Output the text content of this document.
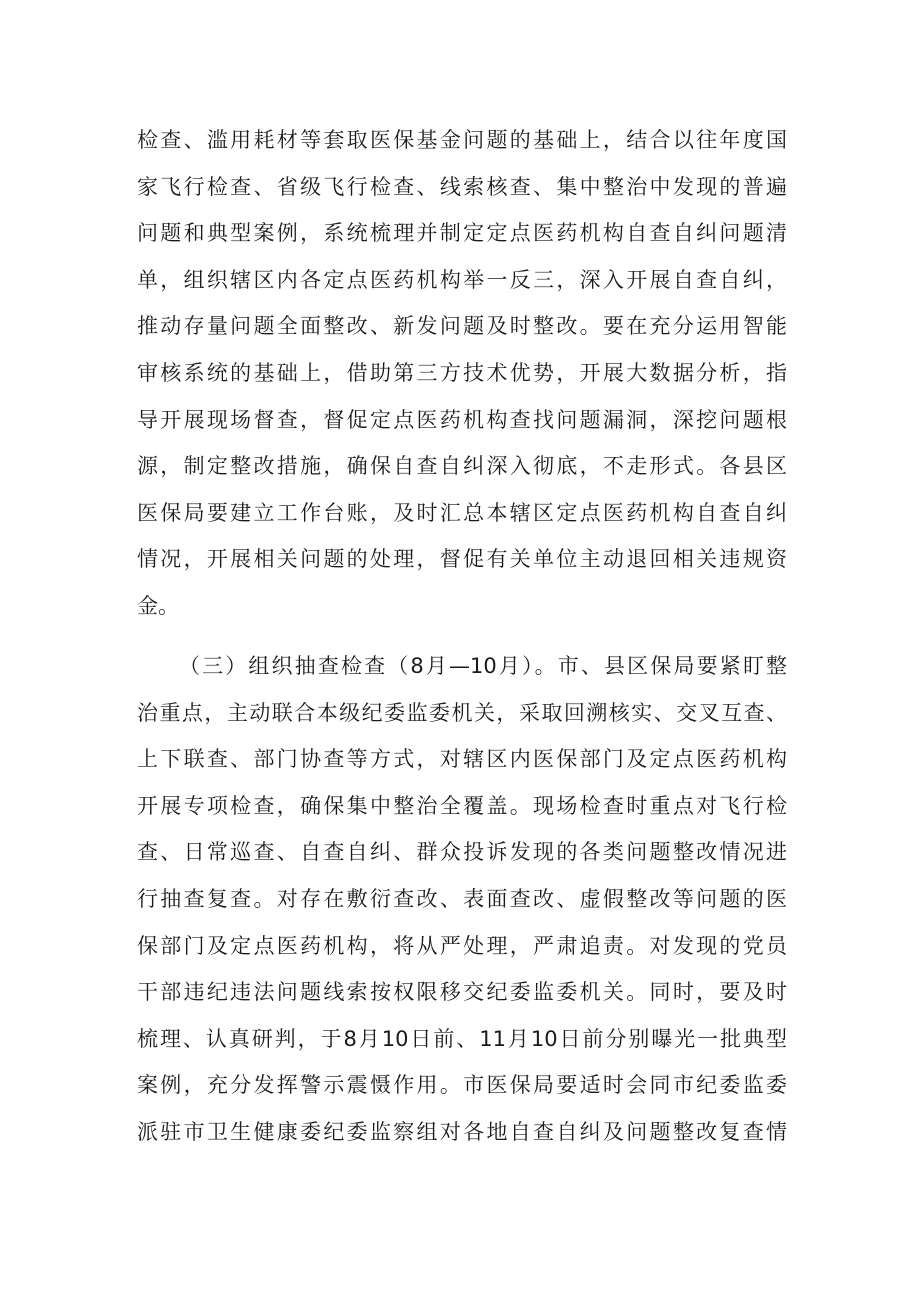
检查、滥用耗材等套取医保基金问题的基础上，结合以往年度国
家飞行检查、省级飞行检查、线索核查、集中整治中发现的普遍
问题和典型案例，系统梳理并制定定点医药机构自查自纠问题清
单，组织辖区内各定点医药机构举一反三，深入开展自查自纠，
推动存量问题全面整改、新发问题及时整改。要在充分运用智能
审核系统的基础上，借助第三方技术优势，开展大数据分析，指
导开展现场督查，督促定点医药机构查找问题漏洞，深挖问题根
源，制定整改措施，确保自查自纠深入彻底，不走形式。各县区
医保局要建立工作台账，及时汇总本辖区定点医药机构自查自纠
情况，开展相关问题的处理，督促有关单位主动退回相关违规资
金。
（三）组织抽查检查（8月—10月）。市、县区保局要紧盯整
治重点，主动联合本级纪委监委机关，采取回溯核实、交叉互查、
上下联查、部门协查等方式，对辖区内医保部门及定点医药机构
开展专项检查，确保集中整治全覆盖。现场检查时重点对飞行检
查、日常巡查、自查自纠、群众投诉发现的各类问题整改情况进
行抽查复查。对存在敷衍查改、表面查改、虚假整改等问题的医
保部门及定点医药机构，将从严处理，严肃追责。对发现的党员
干部违纪违法问题线索按权限移交纪委监委机关。同时，要及时
梳理、认真研判，于8月10日前、11月10日前分别曝光一批典型
案例，充分发挥警示震慑作用。市医保局要适时会同市纪委监委
派驻市卫生健康委纪委监察组对各地自查自纠及问题整改复查情
